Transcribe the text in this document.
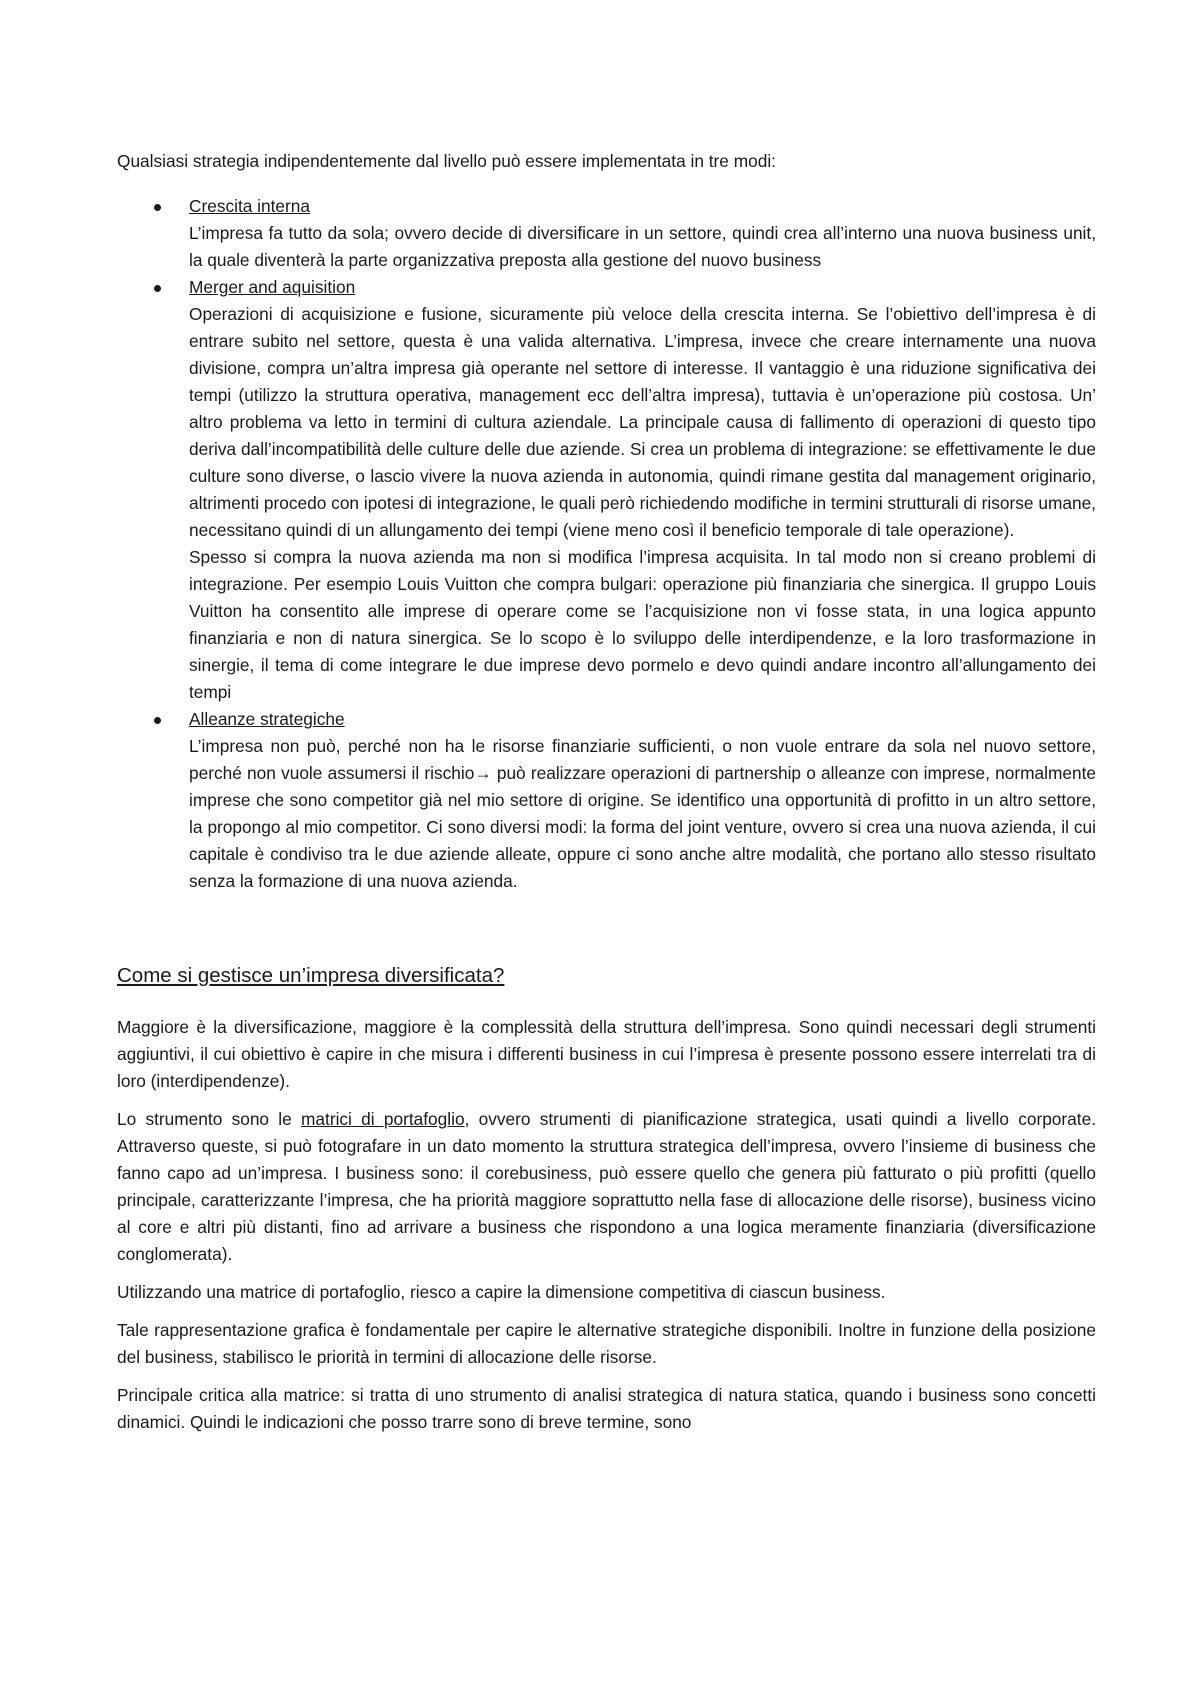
Qualsiasi strategia indipendentemente dal livello può essere implementata in tre modi:

Crescita interna

L’impresa fa tutto da sola; ovvero decide di diversificare in un settore, quindi crea all’interno una nuova business unit, la quale diventerà la parte organizzativa preposta alla gestione del nuovo business

Merger and aquisition

Operazioni di acquisizione e fusione, sicuramente più veloce della crescita interna. Se l’obiettivo dell’impresa è di entrare subito nel settore, questa è una valida alternativa. L’impresa, invece che creare internamente una nuova divisione, compra un’altra impresa già operante nel settore di interesse. Il vantaggio è una riduzione significativa dei tempi (utilizzo la struttura operativa, management ecc dell’altra impresa), tuttavia è un’operazione più costosa. Un’ altro problema va letto in termini di cultura aziendale. La principale causa di fallimento di operazioni di questo tipo deriva dall’incompatibilità delle culture delle due aziende. Si crea un problema di integrazione: se effettivamente le due culture sono diverse, o lascio vivere la nuova azienda in autonomia, quindi rimane gestita dal management originario, altrimenti procedo con ipotesi di integrazione, le quali però richiedendo modifiche in termini strutturali di risorse umane, necessitano quindi di un allungamento dei tempi (viene meno così il beneficio temporale di tale operazione).

Spesso si compra la nuova azienda ma non si modifica l’impresa acquisita. In tal modo non si creano problemi di integrazione. Per esempio Louis Vuitton che compra bulgari: operazione più finanziaria che sinergica. Il gruppo Louis Vuitton ha consentito alle imprese di operare come se l’acquisizione non vi fosse stata, in una logica appunto finanziaria e non di natura sinergica. Se lo scopo è lo sviluppo delle interdipendenze, e la loro trasformazione in sinergie, il tema di come integrare le due imprese devo pormelo e devo quindi andare incontro all’allungamento dei tempi

Alleanze strategiche

L’impresa non può, perché non ha le risorse finanziarie sufficienti, o non vuole entrare da sola nel nuovo settore, perché non vuole assumersi il rischio→ può realizzare operazioni di partnership o alleanze con imprese, normalmente imprese che sono competitor già nel mio settore di origine. Se identifico una opportunità di profitto in un altro settore, la propongo al mio competitor. Ci sono diversi modi: la forma del joint venture, ovvero si crea una nuova azienda, il cui capitale è condiviso tra le due aziende alleate, oppure ci sono anche altre modalità, che portano allo stesso risultato senza la formazione di una nuova azienda.

Come si gestisce un’impresa diversificata?

Maggiore è la diversificazione, maggiore è la complessità della struttura dell’impresa. Sono quindi necessari degli strumenti aggiuntivi, il cui obiettivo è capire in che misura i differenti business in cui l’impresa è presente possono essere interrelati tra di loro (interdipendenze).

Lo strumento sono le matrici di portafoglio, ovvero strumenti di pianificazione strategica, usati quindi a livello corporate. Attraverso queste, si può fotografare in un dato momento la struttura strategica dell’impresa, ovvero l’insieme di business che fanno capo ad un’impresa. I business sono: il corebusiness, può essere quello che genera più fatturato o più profitti (quello principale, caratterizzante l’impresa, che ha priorità maggiore soprattutto nella fase di allocazione delle risorse), business vicino al core e altri più distanti, fino ad arrivare a business che rispondono a una logica meramente finanziaria (diversificazione conglomerata).

Utilizzando una matrice di portafoglio, riesco a capire la dimensione competitiva di ciascun business.

Tale rappresentazione grafica è fondamentale per capire le alternative strategiche disponibili. Inoltre in funzione della posizione del business, stabilisco le priorità in termini di allocazione delle risorse.

Principale critica alla matrice: si tratta di uno strumento di analisi strategica di natura statica, quando i business sono concetti dinamici. Quindi le indicazioni che posso trarre sono di breve termine, sono
